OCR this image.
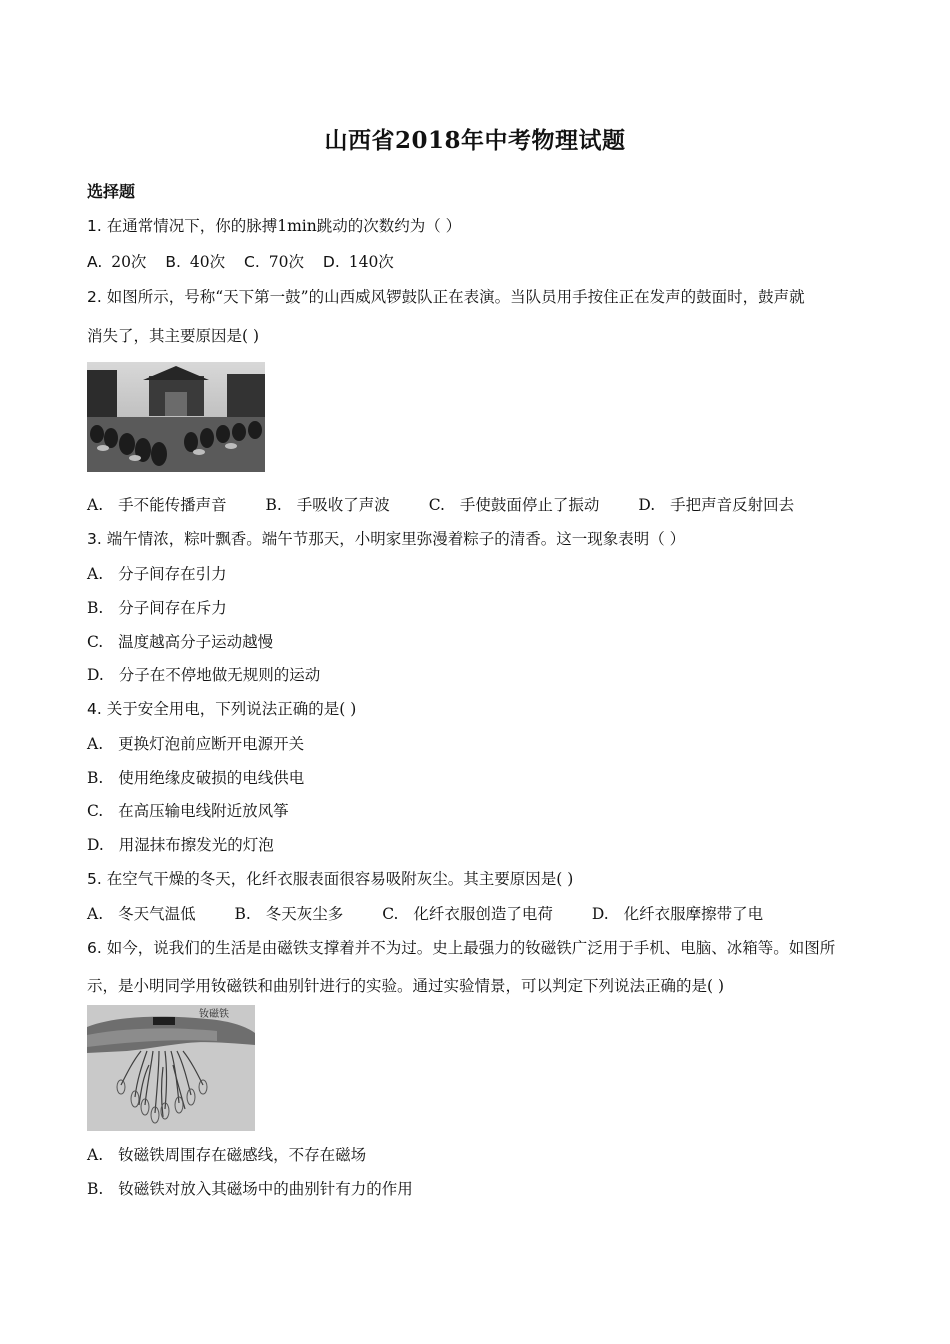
山西省2018年中考物理试题
选择题
1. 在通常情况下，你的脉搏1min跳动的次数约为（ ）
A. 20次 B. 40次 C. 70次 D. 140次
2. 如图所示，号称“天下第一鼓”的山西威风锣鼓队正在表演。当队员用手按住正在发声的鼓面时，鼓声就
消失了，其主要原因是( )
A. 手不能传播声音	B. 手吸收了声波	C. 手使鼓面停止了振动	D. 手把声音反射回去
3. 端午情浓，粽叶飘香。端午节那天，小明家里弥漫着粽子的清香。这一现象表明（ ）
A. 分子间存在引力
B. 分子间存在斥力
C. 温度越高分子运动越慢
D. 分子在不停地做无规则的运动
4. 关于安全用电，下列说法正确的是( )
A. 更换灯泡前应断开电源开关
B. 使用绝缘皮破损的电线供电
C. 在高压输电线附近放风筝
D. 用湿抹布擦发光的灯泡
5. 在空气干燥的冬天，化纤衣服表面很容易吸附灰尘。其主要原因是( )
A. 冬天气温低	B. 冬天灰尘多	C. 化纤衣服创造了电荷	D. 化纤衣服摩擦带了电
6. 如今，说我们的生活是由磁铁支撑着并不为过。史上最强力的钕磁铁广泛用于手机、电脑、冰箱等。如图所
示，是小明同学用钕磁铁和曲别针进行的实验。通过实验情景，可以判定下列说法正确的是( )
钕磁铁
A. 钕磁铁周围存在磁感线，不存在磁场
B. 钕磁铁对放入其磁场中的曲别针有力的作用
